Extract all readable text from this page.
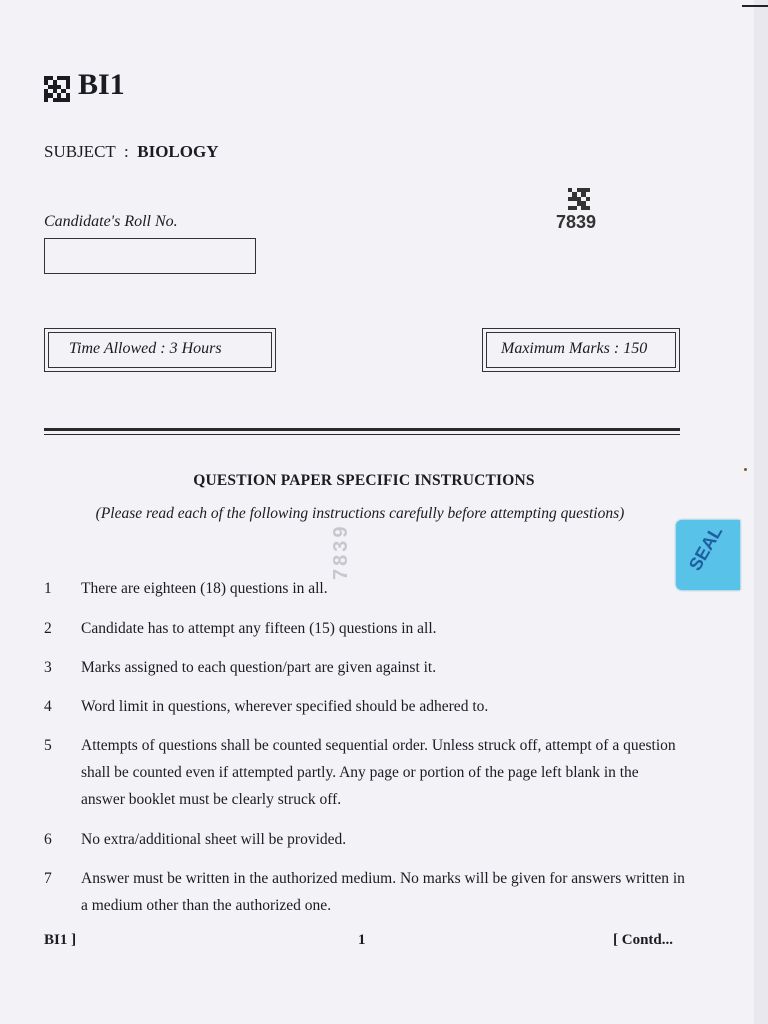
BI1
SUBJECT : BIOLOGY
Candidate's Roll No.	7839
Time Allowed : 3 Hours	Maximum Marks : 150
7839
QUESTION PAPER SPECIFIC INSTRUCTIONS
(Please read each of the following instructions carefully before attempting questions)
1 There are eighteen (18) questions in all.
2 Candidate has to attempt any fifteen (15) questions in all.
3 Marks assigned to each question/part are given against it.
4 Word limit in questions, wherever specified should be adhered to.
5 Attempts of questions shall be counted sequential order. Unless struck off, attempt of a question shall be counted even if attempted partly. Any page or portion of the page left blank in the answer booklet must be clearly struck off.
6 No extra/additional sheet will be provided.
7 Answer must be written in the authorized medium. No marks will be given for answers written in a medium other than the authorized one.
SEAL
BI1 ]	1	[ Contd...
